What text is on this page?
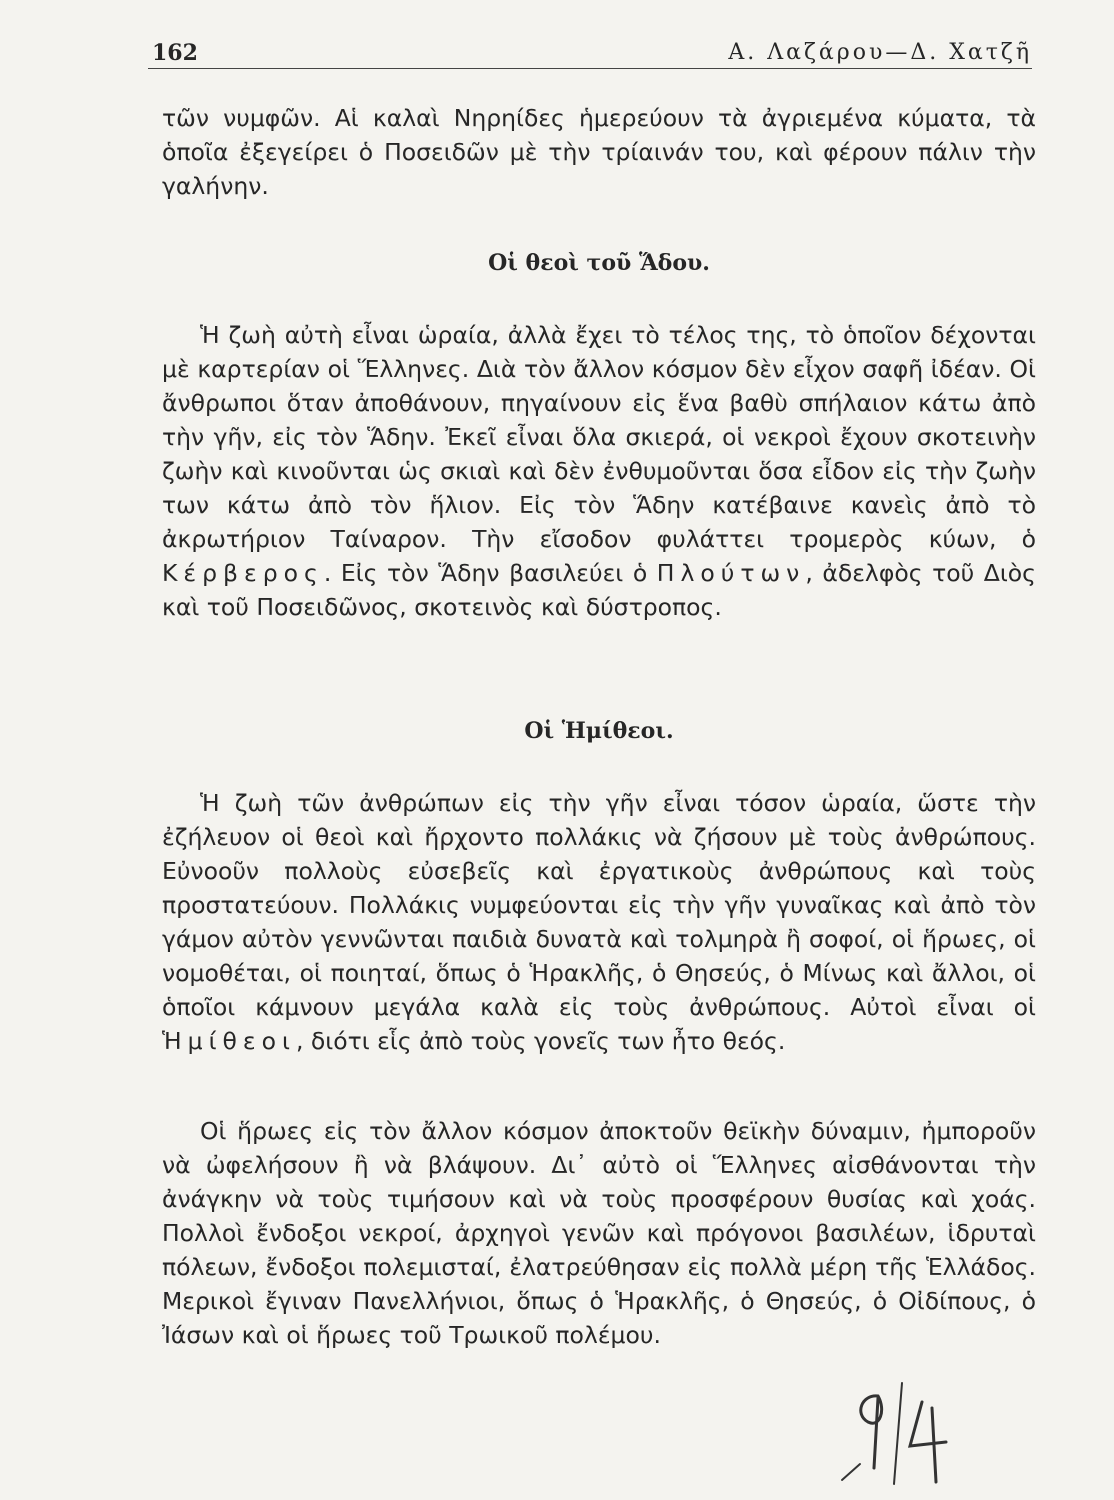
162	Α. Λαζάρου—Δ. Χατζῆ

τῶν νυμφῶν. Αἱ καλαὶ Νηρηίδες ἡμερεύουν τὰ ἀγριεμένα κύματα, τὰ ὁποῖα ἐξεγείρει ὁ Ποσειδῶν μὲ τὴν τρίαινάν του, καὶ φέρουν πάλιν τὴν γαλήνην.

Οἱ θεοὶ τοῦ Ἅδου.

Ἡ ζωὴ αὐτὴ εἶναι ὡραία, ἀλλὰ ἔχει τὸ τέλος της, τὸ ὁποῖον δέχονται μὲ καρτερίαν οἱ Ἕλληνες. Διὰ τὸν ἄλλον κόσμον δὲν εἶχον σαφῆ ἰδέαν. Οἱ ἄνθρωποι ὅταν ἀποθάνουν, πηγαίνουν εἰς ἕνα βαθὺ σπήλαιον κάτω ἀπὸ τὴν γῆν, εἰς τὸν Ἅδην. Ἐκεῖ εἶναι ὅλα σκιερά, οἱ νεκροὶ ἔχουν σκοτεινὴν ζωὴν καὶ κινοῦνται ὡς σκιαὶ καὶ δὲν ἐνθυμοῦνται ὅσα εἶδον εἰς τὴν ζωὴν των κάτω ἀπὸ τὸν ἥλιον. Εἰς τὸν Ἅδην κατέβαινε κανεὶς ἀπὸ τὸ ἀκρωτήριον Ταίναρον. Τὴν εἴσοδον φυλάττει τρομερὸς κύων, ὁ Κέρβερος. Εἰς τὸν Ἅδην βασιλεύει ὁ Πλούτων, ἀδελφὸς τοῦ Διὸς καὶ τοῦ Ποσειδῶνος, σκοτεινὸς καὶ δύστροπος.

Οἱ Ἡμίθεοι.

Ἡ ζωὴ τῶν ἀνθρώπων εἰς τὴν γῆν εἶναι τόσον ὡραία, ὥστε τὴν ἐζήλευον οἱ θεοὶ καὶ ἤρχοντο πολλάκις νὰ ζήσουν μὲ τοὺς ἀνθρώπους. Εὐνοοῦν πολλοὺς εὐσεβεῖς καὶ ἐργατικοὺς ἀνθρώπους καὶ τοὺς προστατεύουν. Πολλάκις νυμφεύονται εἰς τὴν γῆν γυναῖκας καὶ ἀπὸ τὸν γάμον αὐτὸν γεννῶνται παιδιὰ δυνατὰ καὶ τολμηρὰ ἢ σοφοί, οἱ ἥρωες, οἱ νομοθέται, οἱ ποιηταί, ὅπως ὁ Ἡρακλῆς, ὁ Θησεύς, ὁ Μίνως καὶ ἄλλοι, οἱ ὁποῖοι κάμνουν μεγάλα καλὰ εἰς τοὺς ἀνθρώπους. Αὐτοὶ εἶναι οἱ Ἡμίθεοι, διότι εἷς ἀπὸ τοὺς γονεῖς των ἦτο θεός.

Οἱ ἥρωες εἰς τὸν ἄλλον κόσμον ἀποκτοῦν θεϊκὴν δύναμιν, ἠμποροῦν νὰ ὠφελήσουν ἢ νὰ βλάψουν. Δι᾽ αὐτὸ οἱ Ἕλληνες αἰσθάνονται τὴν ἀνάγκην νὰ τοὺς τιμήσουν καὶ νὰ τοὺς προσφέρουν θυσίας καὶ χοάς. Πολλοὶ ἔνδοξοι νεκροί, ἀρχηγοὶ γενῶν καὶ πρόγονοι βασιλέων, ἱδρυταὶ πόλεων, ἔνδοξοι πολεμισταί, ἐλατρεύθησαν εἰς πολλὰ μέρη τῆς Ἑλλάδος. Μερικοὶ ἔγιναν Πανελλήνιοι, ὅπως ὁ Ἡρακλῆς, ὁ Θησεύς, ὁ Οἰδίπους, ὁ Ἰάσων καὶ οἱ ἥρωες τοῦ Τρωικοῦ πολέμου.
